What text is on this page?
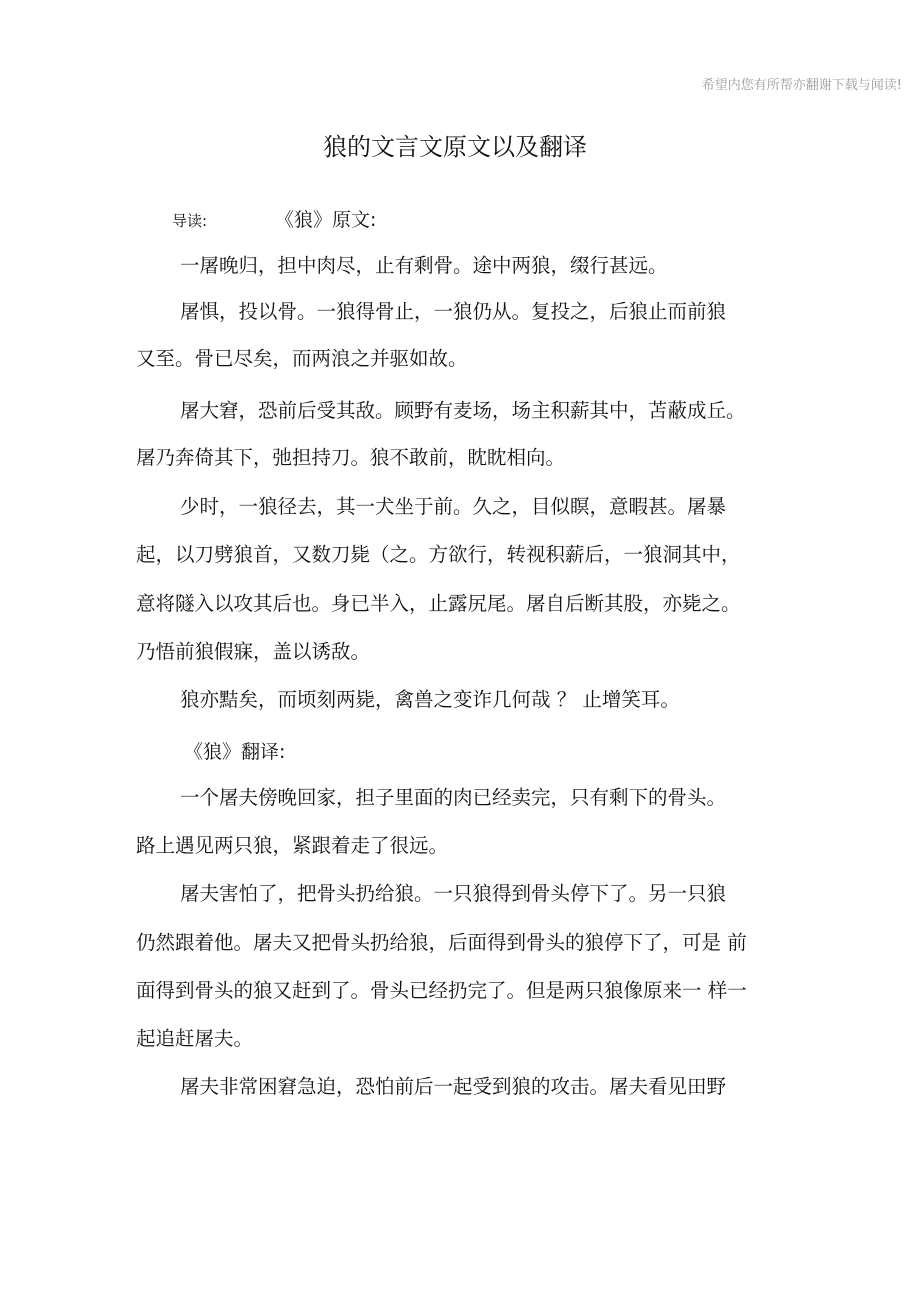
希望内您有所帮亦翻谢下载与闻读!
狼的文言文原文以及翻译
导读:	《狼》原文:
一屠晚归，担中肉尽，止有剩骨。途中两狼，缀行甚远。
屠惧，投以骨。一狼得骨止，一狼仍从。复投之，后狼止而前狼
又至。骨已尽矣，而两浪之并驱如故。
屠大窘，恐前后受其敌。顾野有麦场，场主积薪其中，苫蔽成丘。
屠乃奔倚其下，弛担持刀。狼不敢前，眈眈相向。
少时，一狼径去，其一犬坐于前。久之，目似瞑，意暇甚。屠暴
起，以刀劈狼首，又数刀毙（之。方欲行，转视积薪后，一狼洞其中，
意将隧入以攻其后也。身已半入，止露尻尾。屠自后断其股，亦毙之。
乃悟前狼假寐，盖以诱敌。
狼亦黠矣，而顷刻两毙，禽兽之变诈几何哉 ？ 止增笑耳。
《狼》翻译:
一个屠夫傍晚回家，担子里面的肉已经卖完，只有剩下的骨头。
路上遇见两只狼，紧跟着走了很远。
屠夫害怕了，把骨头扔给狼。一只狼得到骨头停下了。另一只狼
仍然跟着他。屠夫又把骨头扔给狼，后面得到骨头的狼停下了，可是 前
面得到骨头的狼又赶到了。骨头已经扔完了。但是两只狼像原来一 样一
起追赶屠夫。
屠夫非常困窘急迫，恐怕前后一起受到狼的攻击。屠夫看见田野
